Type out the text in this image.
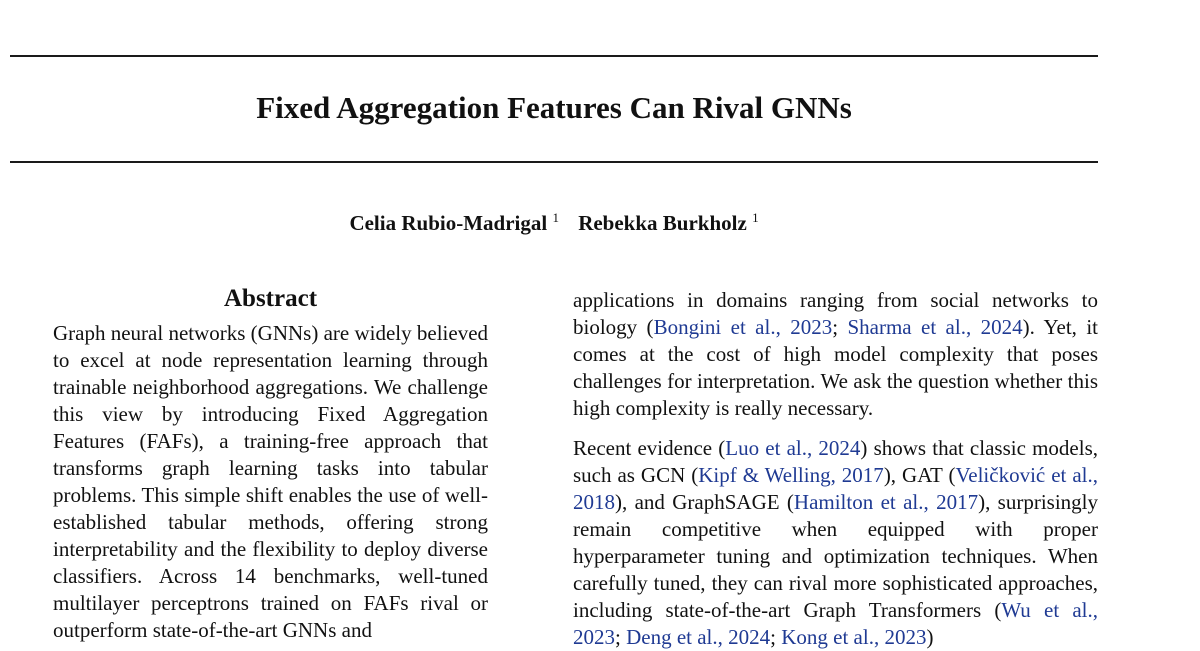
Fixed Aggregation Features Can Rival GNNs
Celia Rubio-Madrigal $^1$ Rebekka Burkholz $^1$
Abstract

Graph neural networks (GNNs) are widely believed to excel at node representation learning through trainable neighborhood aggregations. We challenge this view by introducing Fixed Aggregation Features (FAFs), a training-free approach that transforms graph learning tasks into tabular problems. This simple shift enables the use of well-established tabular methods, offering strong interpretability and the flexibility to deploy diverse classifiers. Across 14 benchmarks, well-tuned multilayer perceptrons trained on FAFs rival or outperform state-of-the-art GNNs and

applications in domains ranging from social networks to biology (Bongini et al., 2023; Sharma et al., 2024). Yet, it comes at the cost of high model complexity that poses challenges for interpretation. We ask the question whether this high complexity is really necessary.

Recent evidence (Luo et al., 2024) shows that classic models, such as GCN (Kipf & Welling, 2017), GAT (Veličković et al., 2018), and GraphSAGE (Hamilton et al., 2017), surprisingly remain competitive when equipped with proper hyperparameter tuning and optimization techniques. When carefully tuned, they can rival more sophisticated approaches, including state-of-the-art Graph Transformers (Wu et al., 2023; Deng et al., 2024; Kong et al., 2023)
